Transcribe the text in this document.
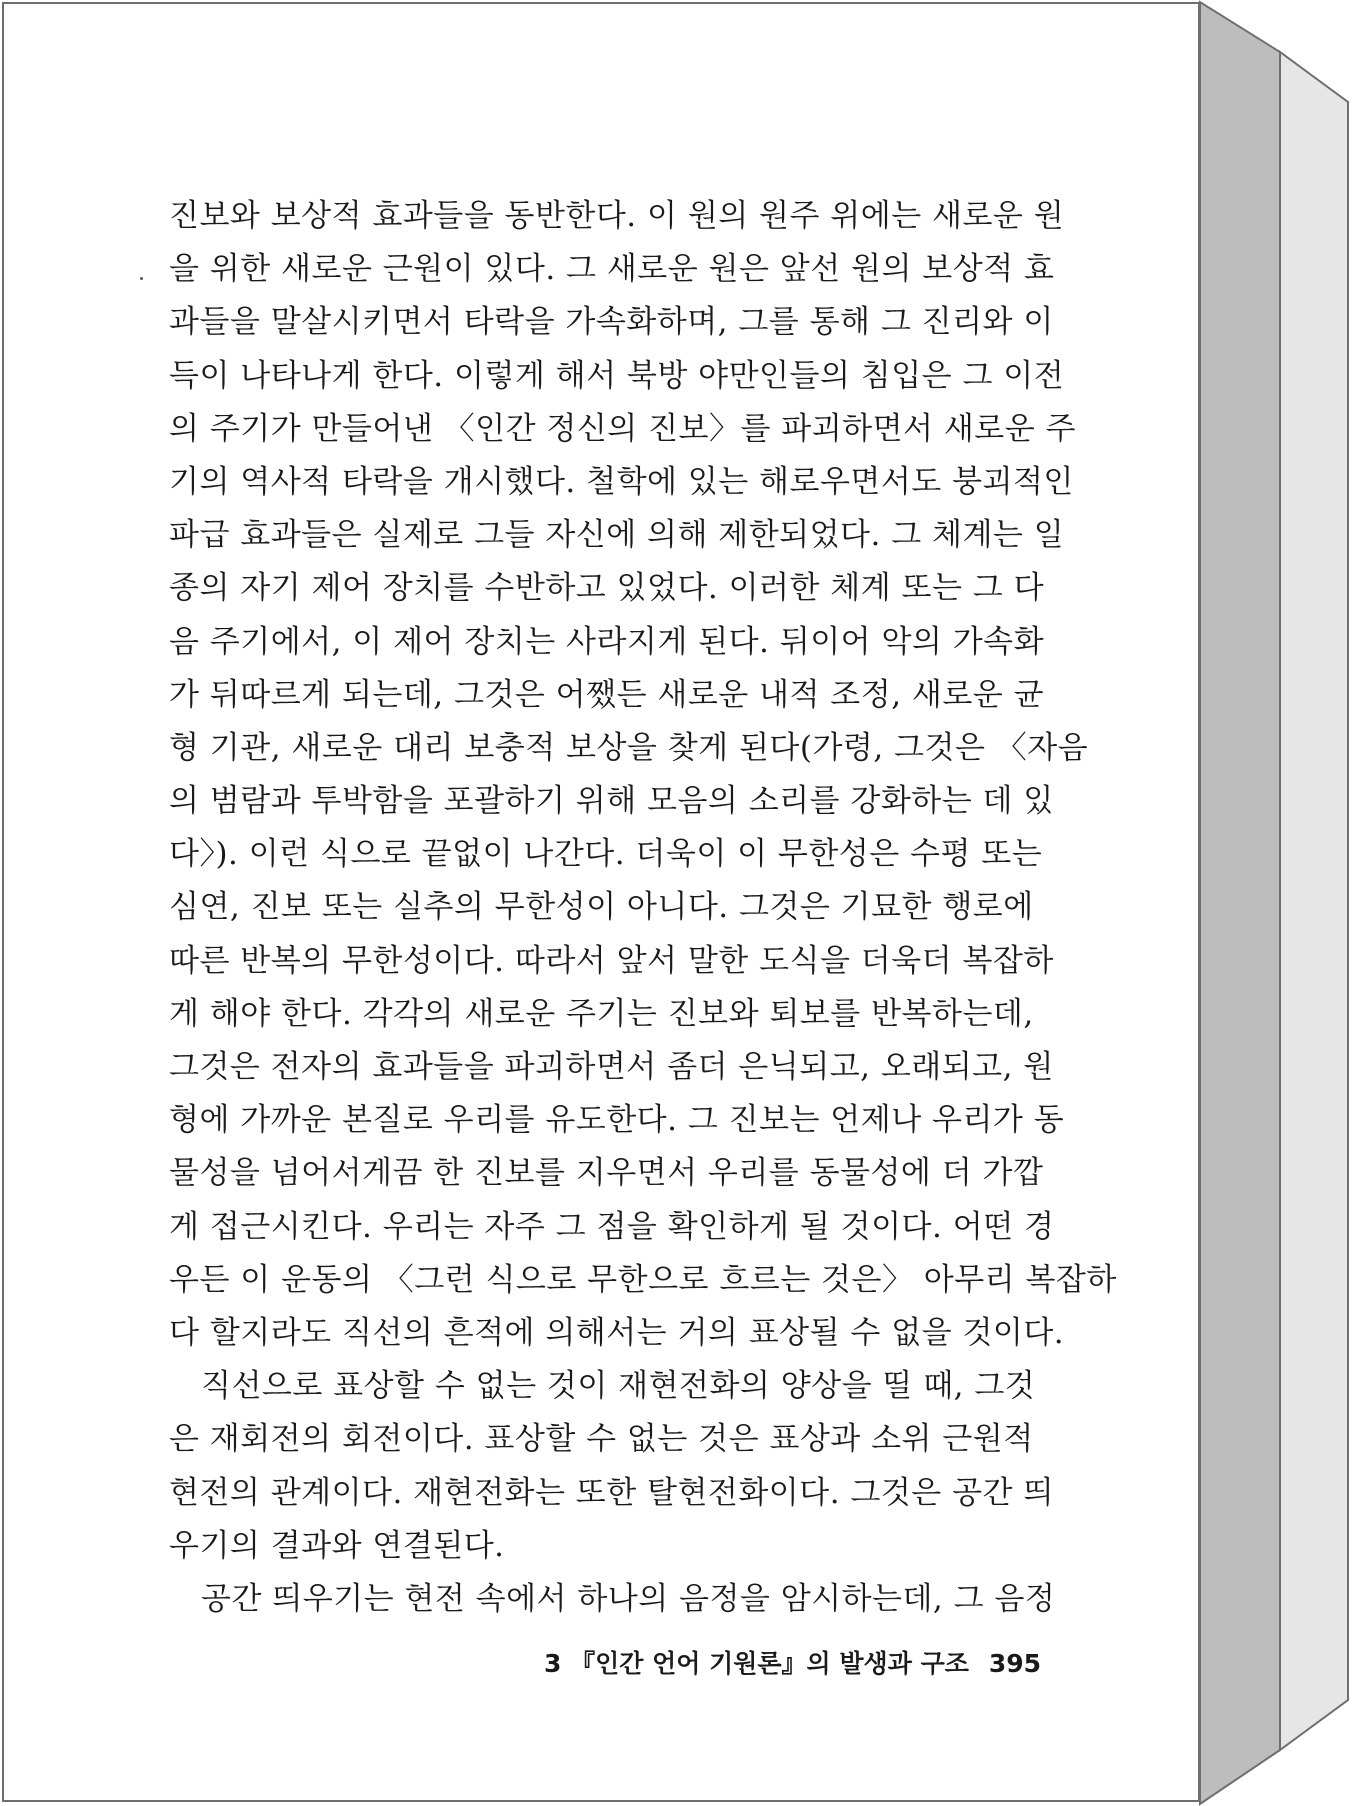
진보와 보상적 효과들을 동반한다. 이 원의 원주 위에는 새로운 원
을 위한 새로운 근원이 있다. 그 새로운 원은 앞선 원의 보상적 효
과들을 말살시키면서 타락을 가속화하며, 그를 통해 그 진리와 이
득이 나타나게 한다. 이렇게 해서 북방 야만인들의 침입은 그 이전
의 주기가 만들어낸 〈인간 정신의 진보〉를 파괴하면서 새로운 주
기의 역사적 타락을 개시했다. 철학에 있는 해로우면서도 붕괴적인
파급 효과들은 실제로 그들 자신에 의해 제한되었다. 그 체계는 일
종의 자기 제어 장치를 수반하고 있었다. 이러한 체계 또는 그 다
음 주기에서, 이 제어 장치는 사라지게 된다. 뒤이어 악의 가속화
가 뒤따르게 되는데, 그것은 어쨌든 새로운 내적 조정, 새로운 균
형 기관, 새로운 대리 보충적 보상을 찾게 된다(가령, 그것은 〈자음
의 범람과 투박함을 포괄하기 위해 모음의 소리를 강화하는 데 있
다〉). 이런 식으로 끝없이 나간다. 더욱이 이 무한성은 수평 또는
심연, 진보 또는 실추의 무한성이 아니다. 그것은 기묘한 행로에
따른 반복의 무한성이다. 따라서 앞서 말한 도식을 더욱더 복잡하
게 해야 한다. 각각의 새로운 주기는 진보와 퇴보를 반복하는데,
그것은 전자의 효과들을 파괴하면서 좀더 은닉되고, 오래되고, 원
형에 가까운 본질로 우리를 유도한다. 그 진보는 언제나 우리가 동
물성을 넘어서게끔 한 진보를 지우면서 우리를 동물성에 더 가깝
게 접근시킨다. 우리는 자주 그 점을 확인하게 될 것이다. 어떤 경
우든 이 운동의 〈그런 식으로 무한으로 흐르는 것은〉 아무리 복잡하
다 할지라도 직선의 흔적에 의해서는 거의 표상될 수 없을 것이다.
직선으로 표상할 수 없는 것이 재현전화의 양상을 띨 때, 그것
은 재회전의 회전이다. 표상할 수 없는 것은 표상과 소위 근원적
현전의 관계이다. 재현전화는 또한 탈현전화이다. 그것은 공간 띄
우기의 결과와 연결된다.
공간 띄우기는 현전 속에서 하나의 음정을 암시하는데, 그 음정
3 『인간 언어 기원론』의 발생과 구조 395
